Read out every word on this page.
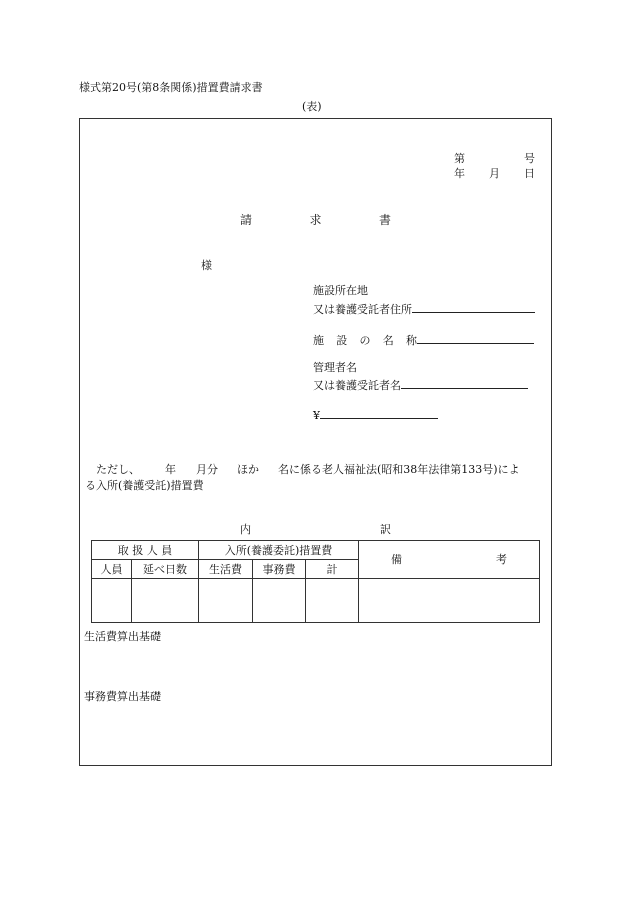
様式第20号(第8条関係)措置費請求書
(表)
第	号
年 月 日
請	求	書
様
施設所在地
又は養護受託者住所
施 設 の 名 称
管理者名
又は養護受託者名
¥
ただし、 年 月分 ほか 名に係る老人福祉法(昭和38年法律第133号)によ
る入所(養護受託)措置費
内	訳
取 扱 人 員		入所(養護委託)措置費			備 考

人員	延べ日数	生活費	事務費	計	

生活費算出基礎
事務費算出基礎
